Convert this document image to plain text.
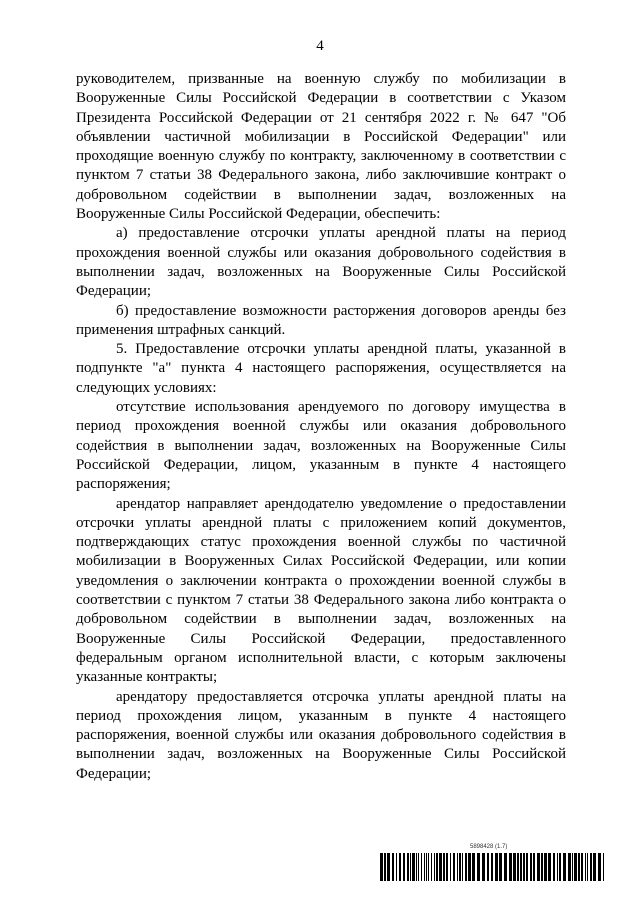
4

руководителем, призванные на военную службу по мобилизации в Вооруженные Силы Российской Федерации в соответствии с Указом Президента Российской Федерации от 21 сентября 2022 г. № 647 "Об объявлении частичной мобилизации в Российской Федерации" или проходящие военную службу по контракту, заключенному в соответствии с пунктом 7 статьи 38 Федерального закона, либо заключившие контракт о добровольном содействии в выполнении задач, возложенных на Вооруженные Силы Российской Федерации, обеспечить:

а) предоставление отсрочки уплаты арендной платы на период прохождения военной службы или оказания добровольного содействия в выполнении задач, возложенных на Вооруженные Силы Российской Федерации;

б) предоставление возможности расторжения договоров аренды без применения штрафных санкций.

5. Предоставление отсрочки уплаты арендной платы, указанной в подпункте "а" пункта 4 настоящего распоряжения, осуществляется на следующих условиях:

отсутствие использования арендуемого по договору имущества в период прохождения военной службы или оказания добровольного содействия в выполнении задач, возложенных на Вооруженные Силы Российской Федерации, лицом, указанным в пункте 4 настоящего распоряжения;

арендатор направляет арендодателю уведомление о предоставлении отсрочки уплаты арендной платы с приложением копий документов, подтверждающих статус прохождения военной службы по частичной мобилизации в Вооруженных Силах Российской Федерации, или копии уведомления о заключении контракта о прохождении военной службы в соответствии с пунктом 7 статьи 38 Федерального закона либо контракта о добровольном содействии в выполнении задач, возложенных на Вооруженные Силы Российской Федерации, предоставленного федеральным органом исполнительной власти, с которым заключены указанные контракты;

арендатору предоставляется отсрочка уплаты арендной платы на период прохождения лицом, указанным в пункте 4 настоящего распоряжения, военной службы или оказания добровольного содействия в выполнении задач, возложенных на Вооруженные Силы Российской Федерации;

5898428 (1.7)
